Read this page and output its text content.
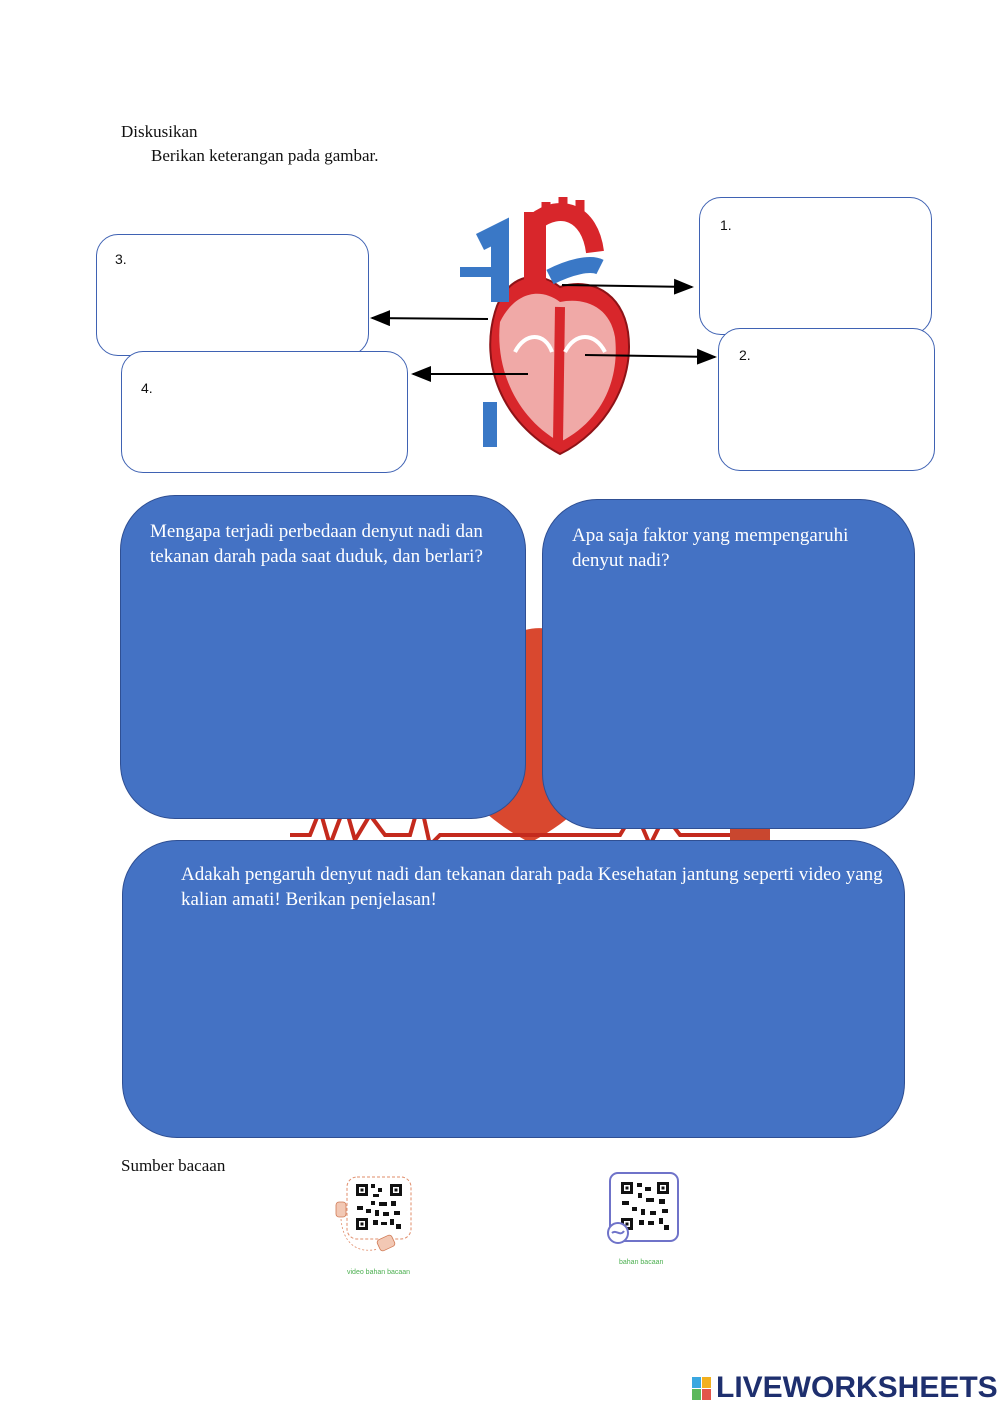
Diskusikan
Berikan keterangan pada gambar.
1.
2.
3.
4.
Mengapa terjadi perbedaan denyut nadi dan tekanan darah pada saat duduk, dan berlari?
Apa saja faktor yang mempengaruhi denyut nadi?
Adakah pengaruh denyut nadi dan tekanan darah pada Kesehatan jantung seperti video yang kalian amati! Berikan penjelasan!
Sumber bacaan
video bahan bacaan
bahan bacaan
LIVEWORKSHEETS
